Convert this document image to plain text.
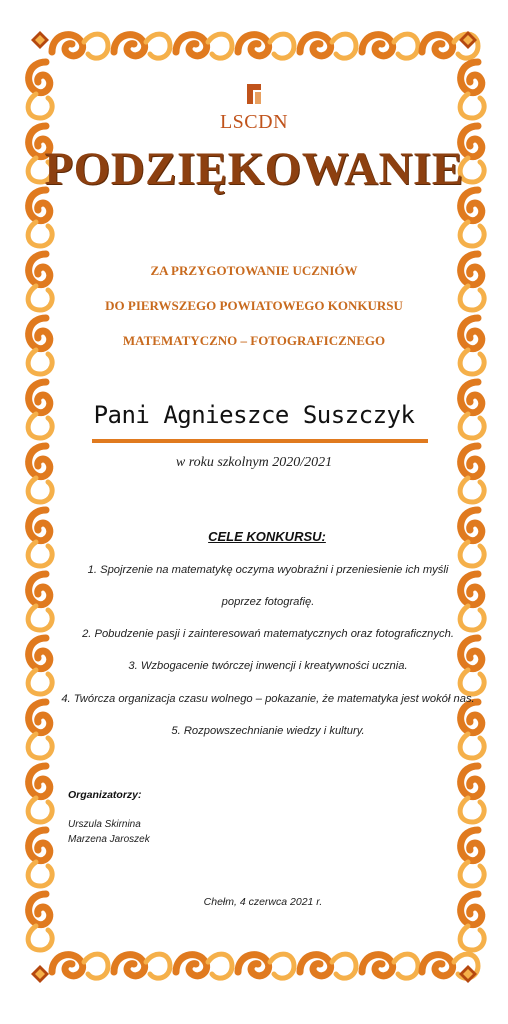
LSCDN
PODZIĘKOWANIE
ZA PRZYGOTOWANIE UCZNIÓW
DO PIERWSZEGO POWIATOWEGO KONKURSU
MATEMATYCZNO – FOTOGRAFICZNEGO
Pani Agnieszce Suszczyk
w roku szkolnym 2020/2021
CELE KONKURSU:
1. Spojrzenie na matematykę oczyma wyobraźni i przeniesienie ich myśli
poprzez fotografię.
2. Pobudzenie pasji i zainteresowań matematycznych oraz fotograficznych.
3. Wzbogacenie twórczej inwencji i kreatywności ucznia.
4. Twórcza organizacja czasu wolnego – pokazanie, że matematyka jest wokół nas.
5. Rozpowszechnianie wiedzy i kultury.
Organizatorzy:
Urszula Skirnina
Marzena Jaroszek
Chełm, 4 czerwca 2021 r.
